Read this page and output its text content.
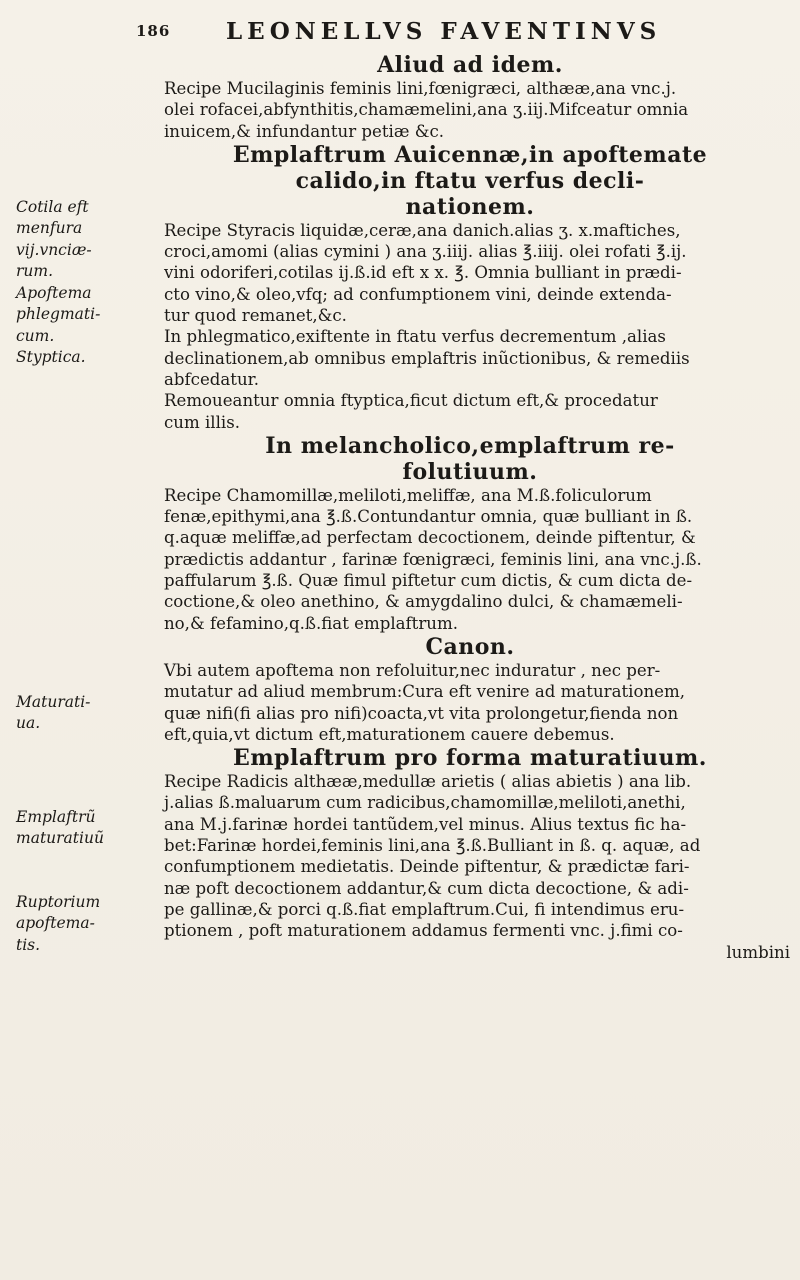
186 LEONELLVS FAVENTINVS
Aliud ad idem.

Recipe Mucilaginis feminis lini,fœnigræci, althææ,ana vnc.j.
olei rofacei,abfynthitis,chamæmelini,ana ʒ.iij.Mifceatur omnia
inuicem,& infundantur petiæ &c.

Emplaftrum Auicennæ,in apoftemate
calido,in ftatu verfus decli-
nationem.

Recipe Styracis liquidæ,ceræ,ana danich.alias ʒ. x.maftiches,
croci,amomi (alias cymini ) ana ʒ.iiij. alias ℥.iiij. olei rofati ℥.ij.
vini odoriferi,cotilas ij.ß.id eft x x. ℥. Omnia bulliant in prædi-
cto vino,& oleo,vfq; ad confumptionem vini, deinde extenda-
tur quod remanet,&c.

In phlegmatico,exiftente in ftatu verfus decrementum ,alias
declinationem,ab omnibus emplaftris inũctionibus, & remediis
abfcedatur.

Remoueantur omnia ftyptica,ficut dictum eft,& procedatur
cum illis.

In melancholico,emplaftrum re-
folutiuum.

Recipe Chamomillæ,meliloti,meliffæ, ana M.ß.foliculorum
fenæ,epithymi,ana ℥.ß.Contundantur omnia, quæ bulliant in ß.
q.aquæ meliffæ,ad perfectam decoctionem, deinde piftentur, &
prædictis addantur , farinæ fœnigræci, feminis lini, ana vnc.j.ß.
paffularum ℥.ß. Quæ fimul piftetur cum dictis, & cum dicta de-
coctione,& oleo anethino, & amygdalino dulci, & chamæmeli-
no,& fefamino,q.ß.fiat emplaftrum.

Canon.

Vbi autem apoftema non refoluitur,nec induratur , nec per-
mutatur ad aliud membrum:Cura eft venire ad maturationem,
quæ nifi(fi alias pro nifi)coacta,vt vita prolongetur,fienda non
eft,quia,vt dictum eft,maturationem cauere debemus.

Emplaftrum pro forma maturatiuum.

Recipe Radicis althææ,medullæ arietis ( alias abietis ) ana lib.
j.alias ß.maluarum cum radicibus,chamomillæ,meliloti,anethi,
ana M.j.farinæ hordei tantũdem,vel minus. Alius textus fic ha-
bet:Farinæ hordei,feminis lini,ana ℥.ß.Bulliant in ß. q. aquæ, ad
confumptionem medietatis. Deinde piftentur, & prædictæ fari-
næ poft decoctionem addantur,& cum dicta decoctione, & adi-
pe gallinæ,& porci q.ß.fiat emplaftrum.Cui, fi intendimus eru-
ptionem , poft maturationem addamus fermenti vnc. j.fimi co-
lumbini

Cotila eft
menfura
vij.vnciæ-
rum.
Apoftema
phlegmati-
cum.
Styptica.
Maturati-
ua.
Emplaftrũ
maturatiuũ
Ruptorium
apoftema-
tis.
